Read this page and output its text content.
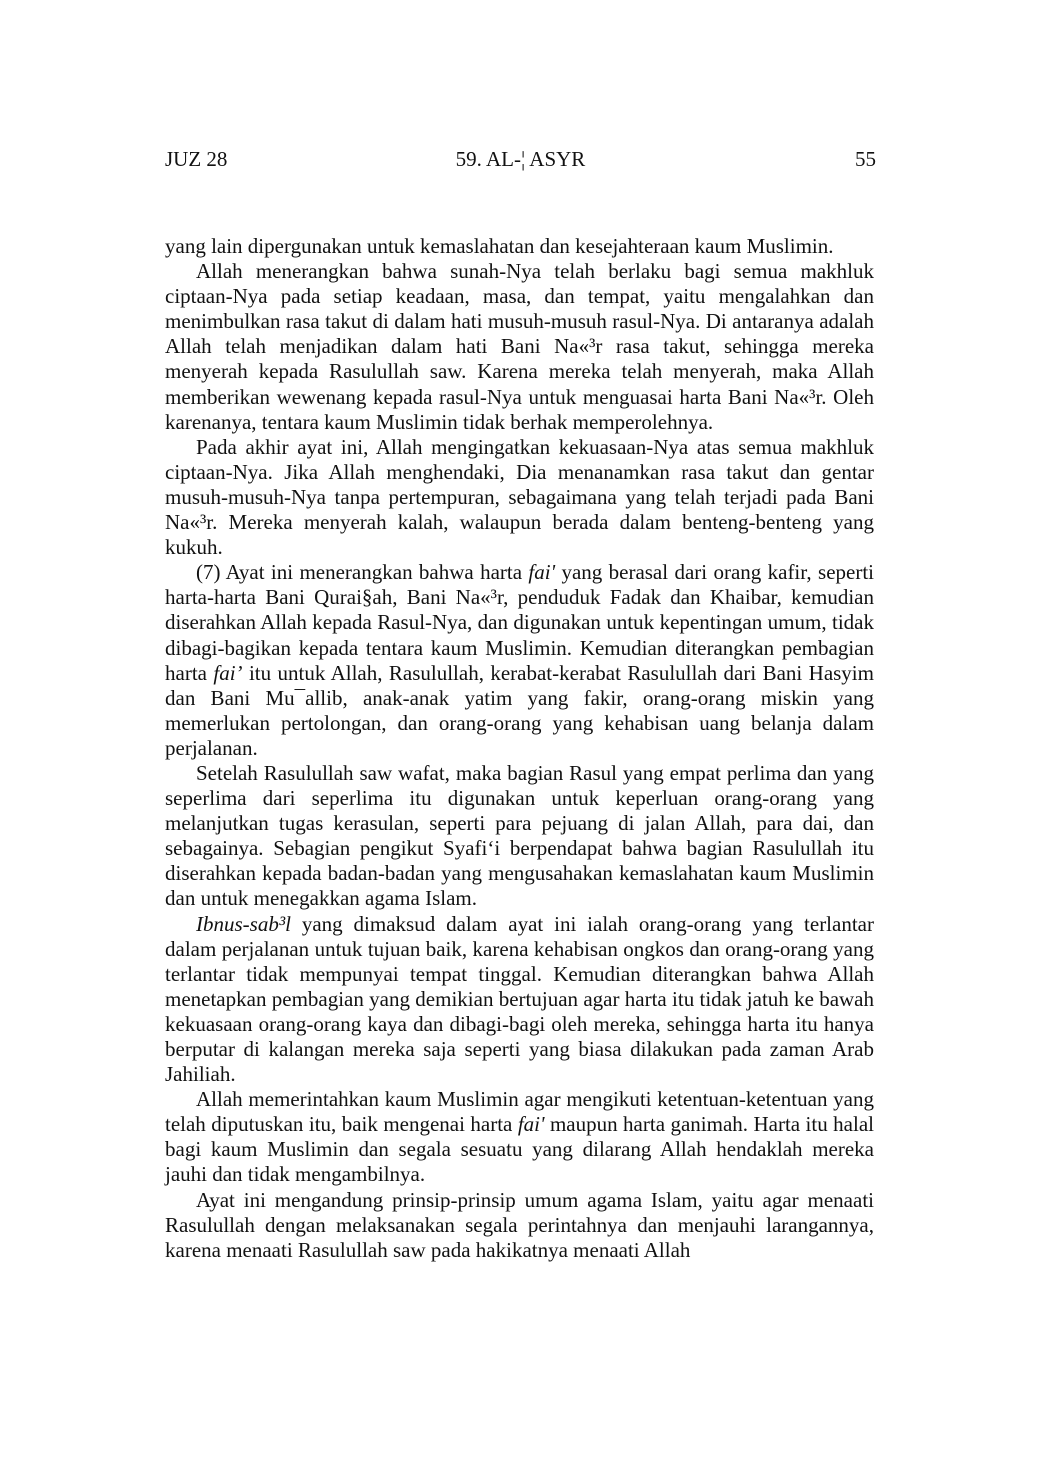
JUZ 28	59. AL-¦ ASYR	55

yang lain dipergunakan untuk kemaslahatan dan kesejahteraan kaum Muslimin.

Allah menerangkan bahwa sunah-Nya telah berlaku bagi semua makhluk ciptaan-Nya pada setiap keadaan, masa, dan tempat, yaitu mengalahkan dan menimbulkan rasa takut di dalam hati musuh-musuh rasul-Nya. Di antaranya adalah Allah telah menjadikan dalam hati Bani Na«³r rasa takut, sehingga mereka menyerah kepada Rasulullah saw. Karena mereka telah menyerah, maka Allah memberikan wewenang kepada rasul-Nya untuk menguasai harta Bani Na«³r. Oleh karenanya, tentara kaum Muslimin tidak berhak memperolehnya.

Pada akhir ayat ini, Allah mengingatkan kekuasaan-Nya atas semua makhluk ciptaan-Nya. Jika Allah menghendaki, Dia menanamkan rasa takut dan gentar musuh-musuh-Nya tanpa pertempuran, sebagaimana yang telah terjadi pada Bani Na«³r. Mereka menyerah kalah, walaupun berada dalam benteng-benteng yang kukuh.

(7) Ayat ini menerangkan bahwa harta fai' yang berasal dari orang kafir, seperti harta-harta Bani Qurai§ah, Bani Na«³r, penduduk Fadak dan Khaibar, kemudian diserahkan Allah kepada Rasul-Nya, dan digunakan untuk kepentingan umum, tidak dibagi-bagikan kepada tentara kaum Muslimin. Kemudian diterangkan pembagian harta fai’ itu untuk Allah, Rasulullah, kerabat-kerabat Rasulullah dari Bani Hasyim dan Bani Mu¯allib, anak-anak yatim yang fakir, orang-orang miskin yang memerlukan pertolongan, dan orang-orang yang kehabisan uang belanja dalam perjalanan.

Setelah Rasulullah saw wafat, maka bagian Rasul yang empat perlima dan yang seperlima dari seperlima itu digunakan untuk keperluan orang-orang yang melanjutkan tugas kerasulan, seperti para pejuang di jalan Allah, para dai, dan sebagainya. Sebagian pengikut Syafi‘i berpendapat bahwa bagian Rasulullah itu diserahkan kepada badan-badan yang mengusahakan kemaslahatan kaum Muslimin dan untuk menegakkan agama Islam.

Ibnus-sab³l yang dimaksud dalam ayat ini ialah orang-orang yang terlantar dalam perjalanan untuk tujuan baik, karena kehabisan ongkos dan orang-orang yang terlantar tidak mempunyai tempat tinggal. Kemudian diterangkan bahwa Allah menetapkan pembagian yang demikian bertujuan agar harta itu tidak jatuh ke bawah kekuasaan orang-orang kaya dan dibagi-bagi oleh mereka, sehingga harta itu hanya berputar di kalangan mereka saja seperti yang biasa dilakukan pada zaman Arab Jahiliah.

Allah memerintahkan kaum Muslimin agar mengikuti ketentuan-ketentuan yang telah diputuskan itu, baik mengenai harta fai' maupun harta ganimah. Harta itu halal bagi kaum Muslimin dan segala sesuatu yang dilarang Allah hendaklah mereka jauhi dan tidak mengambilnya.

Ayat ini mengandung prinsip-prinsip umum agama Islam, yaitu agar menaati Rasulullah dengan melaksanakan segala perintahnya dan menjauhi larangannya, karena menaati Rasulullah saw pada hakikatnya menaati Allah
